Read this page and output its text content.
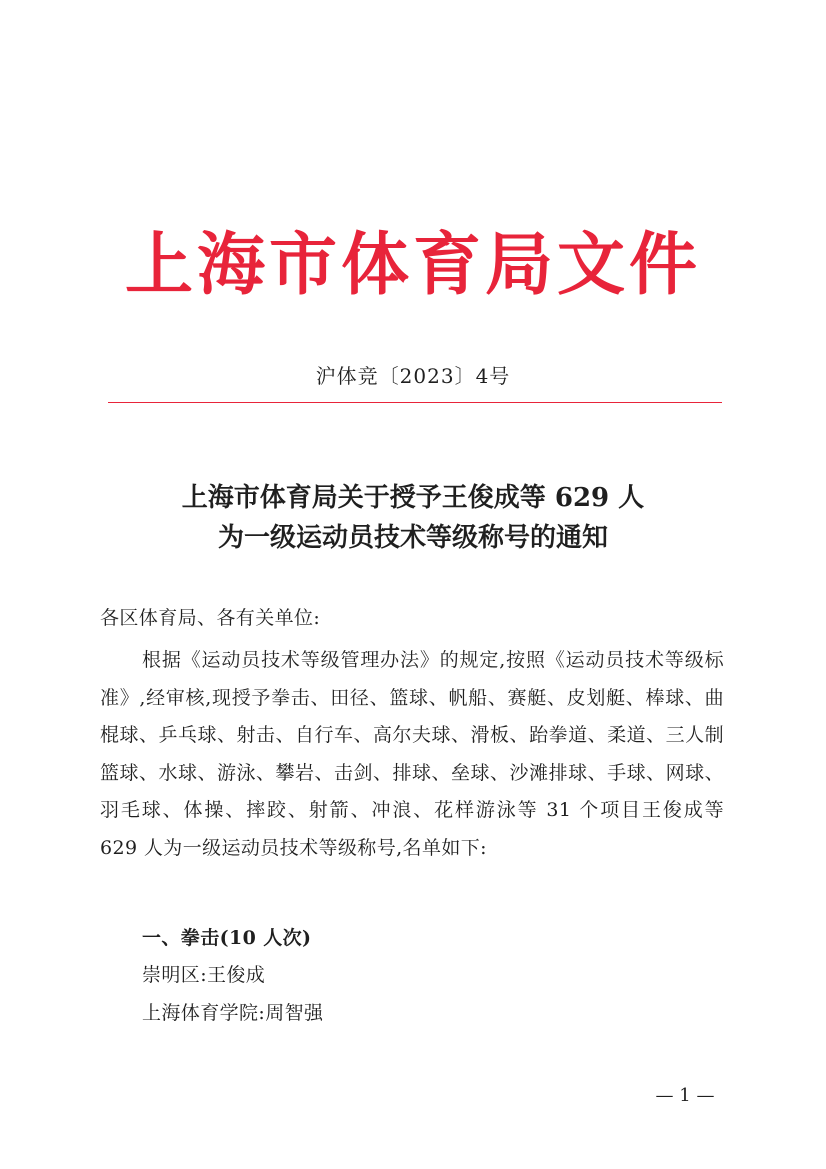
上海市体育局文件
沪体竞〔2023〕4号
上海市体育局关于授予王俊成等 629 人
为一级运动员技术等级称号的通知
各区体育局、各有关单位:
根据《运动员技术等级管理办法》的规定,按照《运动员技术等级标准》,经审核,现授予拳击、田径、篮球、帆船、赛艇、皮划艇、棒球、曲棍球、乒乓球、射击、自行车、高尔夫球、滑板、跆拳道、柔道、三人制篮球、水球、游泳、攀岩、击剑、排球、垒球、沙滩排球、手球、网球、羽毛球、体操、摔跤、射箭、冲浪、花样游泳等 31 个项目王俊成等 629 人为一级运动员技术等级称号,名单如下:
一、拳击(10 人次)
崇明区:王俊成
上海体育学院:周智强
— 1 —
